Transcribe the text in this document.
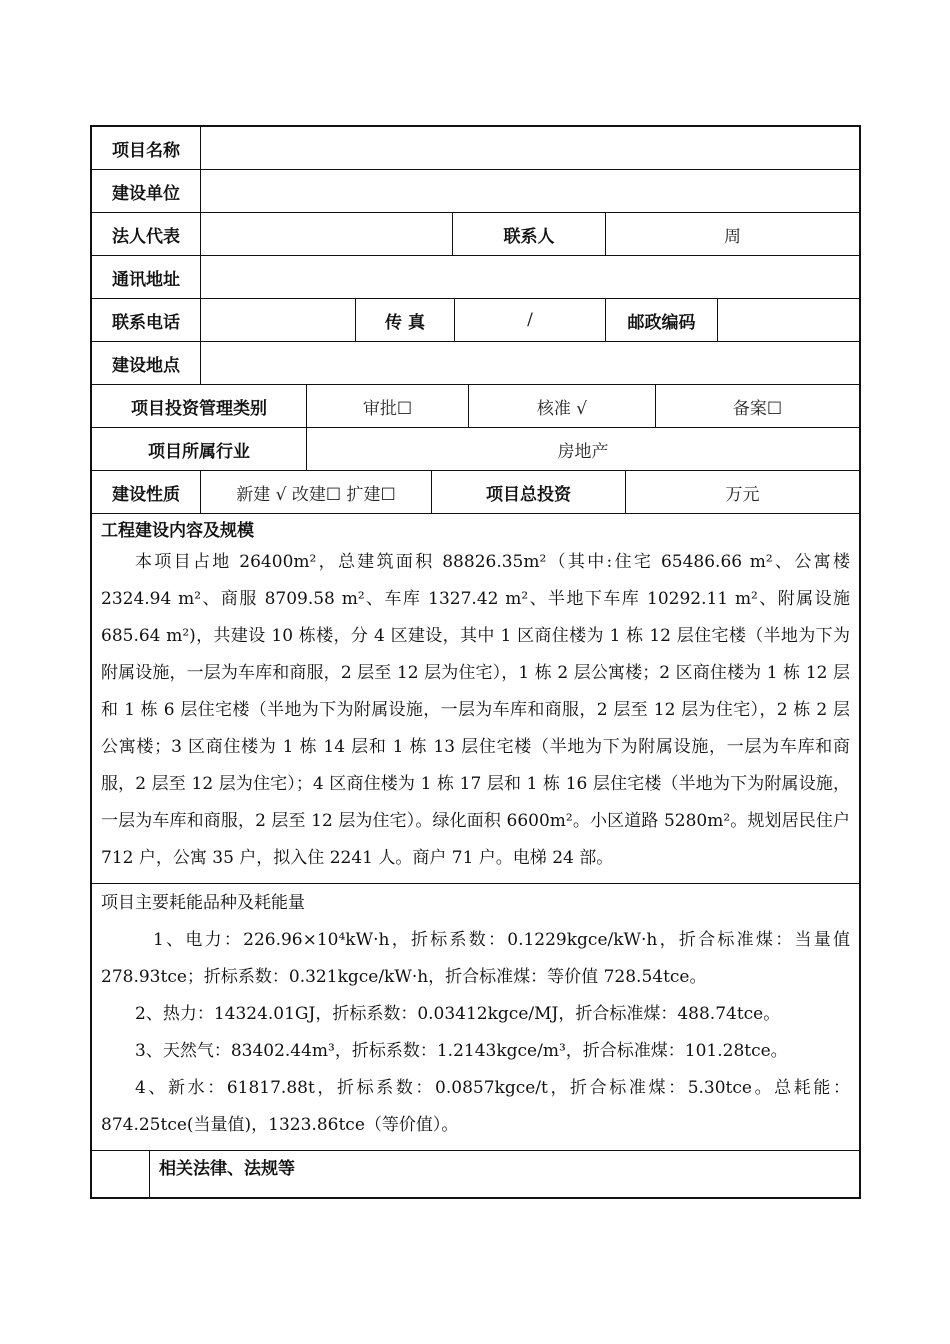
项目名称
建设单位
法人代表	联系人	周
通讯地址
联系电话	传 真	/	邮政编码
建设地点
项目投资管理类别	审批☐	核准 √	备案☐
项目所属行业	房地产
建设性质	新建 √ 改建☐ 扩建☐	项目总投资	万元
工程建设内容及规模

本项目占地 26400m²，总建筑面积 88826.35m²（其中:住宅 65486.66 m²、公寓楼 2324.94 m²、商服 8709.58 m²、车库 1327.42 m²、半地下车库 10292.11 m²、附属设施 685.64 m²)，共建设 10 栋楼，分 4 区建设，其中 1 区商住楼为 1 栋 12 层住宅楼（半地为下为附属设施，一层为车库和商服，2 层至 12 层为住宅），1 栋 2 层公寓楼；2 区商住楼为 1 栋 12 层和 1 栋 6 层住宅楼（半地为下为附属设施，一层为车库和商服，2 层至 12 层为住宅），2 栋 2 层公寓楼；3 区商住楼为 1 栋 14 层和 1 栋 13 层住宅楼（半地为下为附属设施，一层为车库和商服，2 层至 12 层为住宅）；4 区商住楼为 1 栋 17 层和 1 栋 16 层住宅楼（半地为下为附属设施，一层为车库和商服，2 层至 12 层为住宅）。绿化面积 6600m²。小区道路 5280m²。规划居民住户 712 户，公寓 35 户，拟入住 2241 人。商户 71 户。电梯 24 部。

项目主要耗能品种及耗能量

1、电力：226.96×10⁴kW·h，折标系数：0.1229kgce/kW·h，折合标准煤：当量值 278.93tce；折标系数：0.321kgce/kW·h，折合标准煤：等价值 728.54tce。

2、热力：14324.01GJ，折标系数：0.03412kgce/MJ，折合标准煤：488.74tce。

3、天然气：83402.44m³，折标系数：1.2143kgce/m³，折合标准煤：101.28tce。

4、新水：61817.88t，折标系数：0.0857kgce/t，折合标准煤：5.30tce。总耗能：874.25tce(当量值)，1323.86tce（等价值）。

相关法律、法规等
